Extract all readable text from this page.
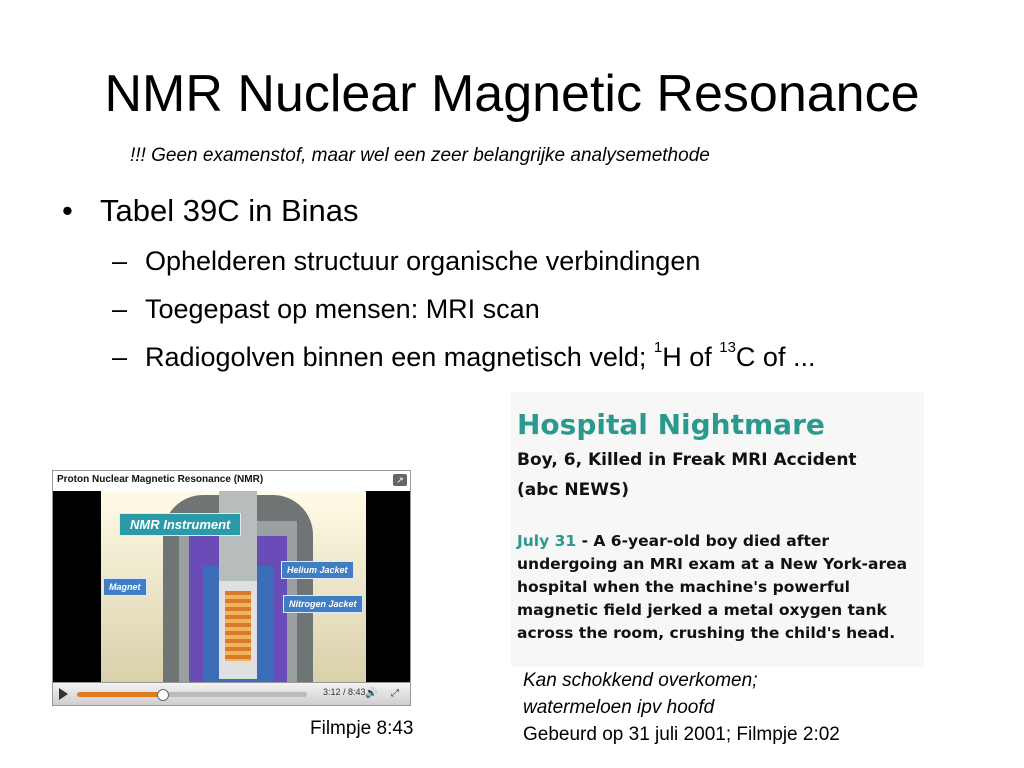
NMR Nuclear Magnetic Resonance
!!! Geen examenstof, maar wel een zeer belangrijke analysemethode
• Tabel 39C in Binas
– Ophelderen structuur organische verbindingen
– Toegepast op mensen: MRI scan
– Radiogolven binnen een magnetisch veld; $^1$H of $^{13}$C of ...
Proton Nuclear Magnetic Resonance (NMR)	↗
NMR Instrument
Helium Jacket
Magnet
Nitrogen Jacket
3:12 / 8:43 🔊 ⤢
Filmpje 8:43
Hospital Nightmare
Boy, 6, Killed in Freak MRI Accident
(abc NEWS)
July 31 - A 6-year-old boy died after undergoing an MRI exam at a New York-area hospital when the machine's powerful magnetic field jerked a metal oxygen tank across the room, crushing the child's head.
Kan schokkend overkomen;
watermeloen ipv hoofd
Gebeurd op 31 juli 2001; Filmpje 2:02
